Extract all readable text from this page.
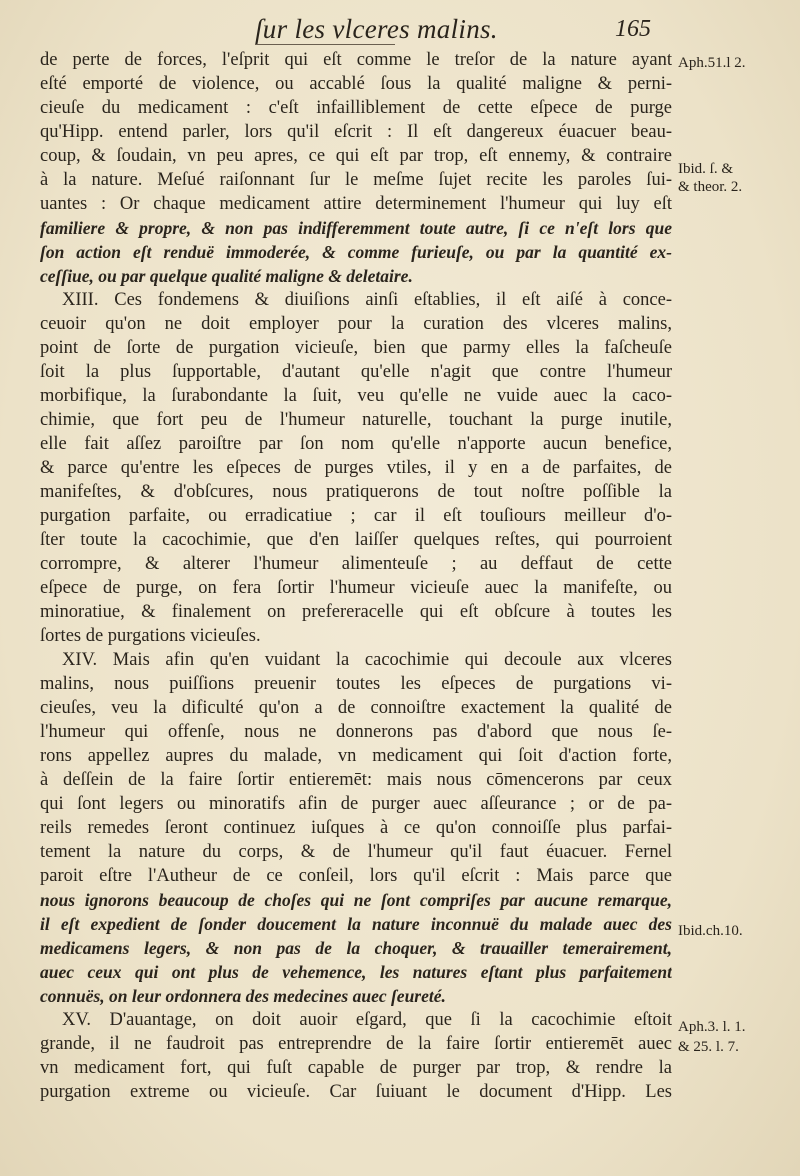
ſur les vlceres malins.	165
de perte de forces, l'eſprit qui eſt comme le treſor de la nature ayant
eſté emporté de violence, ou accablé ſous la qualité maligne & perni-
cieuſe du medicament : c'eſt infailliblement de cette eſpece de purge
qu'Hipp. entend parler, lors qu'il eſcrit : Il eſt dangereux éuacuer beau-
coup, & ſoudain, vn peu apres, ce qui eſt par trop, eſt ennemy, & contraire
à la nature. Meſué raiſonnant ſur le meſme ſujet recite les paroles ſui-
uantes : Or chaque medicament attire determinement l'humeur qui luy eſt
familiere & propre, & non pas indifferemment toute autre, ſi ce n'eſt lors que
ſon action eſt renduë immoderée, & comme furieuſe, ou par la quantité ex-
ceſſiue, ou par quelque qualité maligne & deletaire.
XIII. Ces fondemens & diuiſions ainſi eſtablies, il eſt aiſé à conce-
ceuoir qu'on ne doit employer pour la curation des vlceres malins,
point de ſorte de purgation vicieuſe, bien que parmy elles la faſcheuſe
ſoit la plus ſupportable, d'autant qu'elle n'agit que contre l'humeur
morbifique, la ſurabondante la ſuit, veu qu'elle ne vuide auec la caco-
chimie, que fort peu de l'humeur naturelle, touchant la purge inutile,
elle fait aſſez paroiſtre par ſon nom qu'elle n'apporte aucun benefice,
& parce qu'entre les eſpeces de purges vtiles, il y en a de parfaites, de
manifeſtes, & d'obſcures, nous pratiquerons de tout noſtre poſſible la
purgation parfaite, ou erradicatiue ; car il eſt touſiours meilleur d'o-
ſter toute la cacochimie, que d'en laiſſer quelques reſtes, qui pourroient
corrompre, & alterer l'humeur alimenteuſe ; au deffaut de cette
eſpece de purge, on fera ſortir l'humeur vicieuſe auec la manifeſte, ou
minoratiue, & finalement on prefereracelle qui eſt obſcure à toutes les
ſortes de purgations vicieuſes.
XIV. Mais afin qu'en vuidant la cacochimie qui decoule aux vlceres
malins, nous puiſſions preuenir toutes les eſpeces de purgations vi-
cieuſes, veu la dificulté qu'on a de connoiſtre exactement la qualité de
l'humeur qui offenſe, nous ne donnerons pas d'abord que nous ſe-
rons appellez aupres du malade, vn medicament qui ſoit d'action forte,
à deſſein de la faire ſortir entieremēt: mais nous cōmencerons par ceux
qui ſont legers ou minoratifs afin de purger auec aſſeurance ; or de pa-
reils remedes ſeront continuez iuſques à ce qu'on connoiſſe plus parfai-
tement la nature du corps, & de l'humeur qu'il faut éuacuer. Fernel
paroit eſtre l'Autheur de ce conſeil, lors qu'il eſcrit : Mais parce que
nous ignorons beaucoup de choſes qui ne ſont compriſes par aucune remarque,
il eſt expedient de ſonder doucement la nature inconnuë du malade auec des
medicamens legers, & non pas de la choquer, & trauailler temerairement,
auec ceux qui ont plus de vehemence, les natures eſtant plus parfaitement
connuës, on leur ordonnera des medecines auec ſeureté.
XV. D'auantage, on doit auoir eſgard, que ſi la cacochimie eſtoit
grande, il ne faudroit pas entreprendre de la faire ſortir entieremēt auec
vn medicament fort, qui fuſt capable de purger par trop, & rendre la
purgation extreme ou vicieuſe. Car ſuiuant le document d'Hipp. Les
Aph.51.l 2.
Ibid. ſ. &
& theor. 2.
Ibid.ch.10.
Aph.3. l. 1.
& 25. l. 7.
